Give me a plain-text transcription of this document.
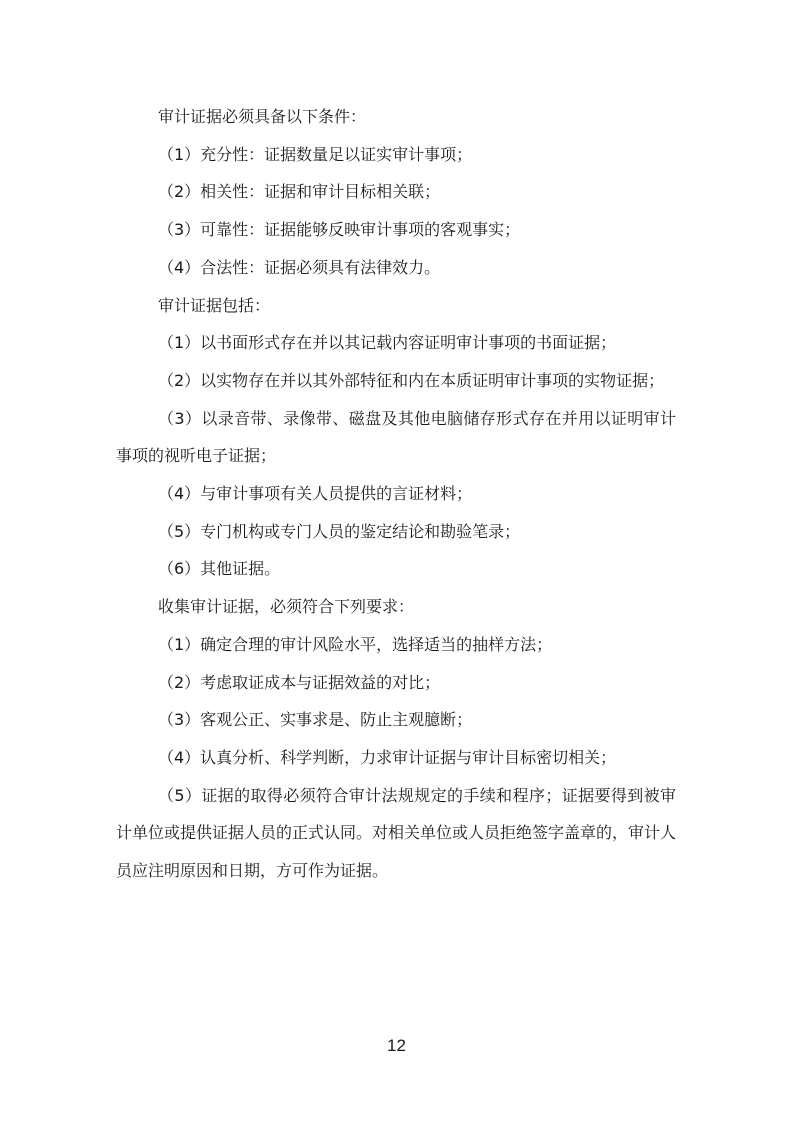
审计证据必须具备以下条件：

（1）充分性：证据数量足以证实审计事项；

（2）相关性：证据和审计目标相关联；

（3）可靠性：证据能够反映审计事项的客观事实；

（4）合法性：证据必须具有法律效力。

审计证据包括：

（1）以书面形式存在并以其记载内容证明审计事项的书面证据；

（2）以实物存在并以其外部特征和内在本质证明审计事项的实物证据；

（3）以录音带、录像带、磁盘及其他电脑储存形式存在并用以证明审计事项的视听电子证据；

（4）与审计事项有关人员提供的言证材料；

（5）专门机构或专门人员的鉴定结论和勘验笔录；

（6）其他证据。

收集审计证据，必须符合下列要求：

（1）确定合理的审计风险水平，选择适当的抽样方法；

（2）考虑取证成本与证据效益的对比；

（3）客观公正、实事求是、防止主观臆断；

（4）认真分析、科学判断，力求审计证据与审计目标密切相关；

（5）证据的取得必须符合审计法规规定的手续和程序；证据要得到被审计单位或提供证据人员的正式认同。对相关单位或人员拒绝签字盖章的，审计人员应注明原因和日期，方可作为证据。

12
